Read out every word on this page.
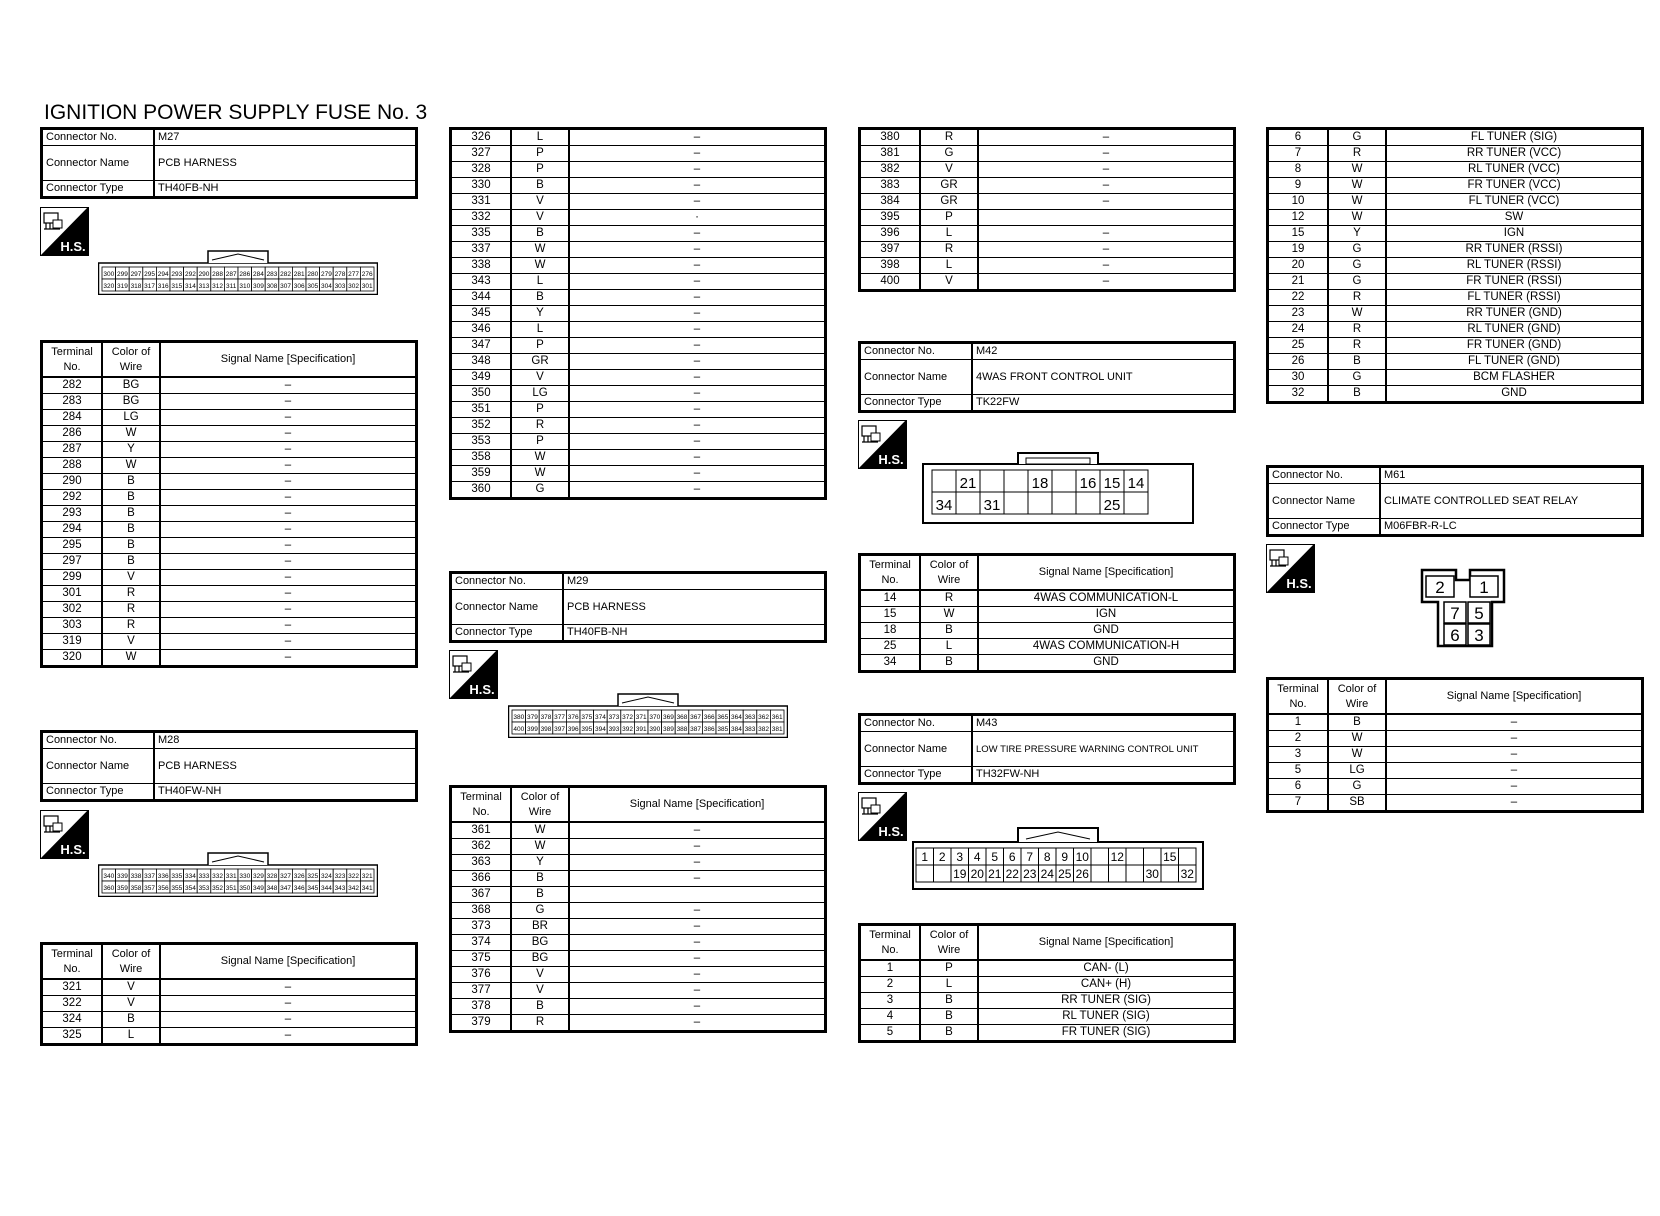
IGNITION POWER SUPPLY FUSE No. 3
Connector No.	M27
Connector Name	PCB HARNESS
Connector Type	TH40FB-NH
H.S.
300 299 297 295 294 293 292 290 288 287 286 284 283 282 281 280 279 278 277 276
320 319 318 317 316 315 314 313 312 311 310 309 308 307 306 305 304 303 302 301
Terminal No.	Color of Wire	Signal Name [Specification]
282	BG	–
283	BG	–
284	LG	–
286	W	–
287	Y	–
288	W	–
290	B	–
292	B	–
293	B	–
294	B	–
295	B	–
297	B	–
299	V	–
301	R	–
302	R	–
303	R	–
319	V	–
320	W	–
Connector No.	M28
Connector Name	PCB HARNESS
Connector Type	TH40FW-NH
H.S.
340 339 338 337 336 335 334 333 332 331 330 329 328 327 326 325 324 323 322 321
360 359 358 357 356 355 354 353 352 351 350 349 348 347 346 345 344 343 342 341
Terminal No.	Color of Wire	Signal Name [Specification]
321	V	–
322	V	–
324	B	–
325	L	–
326	L	–
327	P	–
328	P	–
330	B	–
331	V	–
332	V	·
335	B	–
337	W	–
338	W	–
343	L	–
344	B	–
345	Y	–
346	L	–
347	P	–
348	GR	–
349	V	–
350	LG	–
351	P	–
352	R	–
353	P	–
358	W	–
359	W	–
360	G	–
Connector No.	M29
Connector Name	PCB HARNESS
Connector Type	TH40FB-NH
H.S.
380 379 378 377 376 375 374 373 372 371 370 369 368 367 366 365 364 363 362 361
400 399 398 397 396 395 394 393 392 391 390 389 388 387 386 385 384 383 382 381
Terminal No.	Color of Wire	Signal Name [Specification]
361	W	–
362	W	–
363	Y	–
366	B	–
367	B	
368	G	–
373	BR	–
374	BG	–
375	BG	–
376	V	–
377	V	–
378	B	–
379	R	–
380	R	–
381	G	–
382	V	–
383	GR	–
384	GR	–
395	P	
396	L	–
397	R	–
398	L	–
400	V	–
Connector No.	M42
Connector Name	4WAS FRONT CONTROL UNIT
Connector Type	TK22FW
H.S.
21	18 16 15 14
34 31	25
Terminal No.	Color of Wire	Signal Name [Specification]
14	R	4WAS COMMUNICATION-L
15	W	IGN
18	B	GND
25	L	4WAS COMMUNICATION-H
34	B	GND
Connector No.	M43
Connector Name	LOW TIRE PRESSURE WARNING CONTROL UNIT
Connector Type	TH32FW-NH
H.S.
1 2 3 4 5 6 7 8 9 10 12	15
19 20 21 22 23 24 25 26	30 32
Terminal No.	Color of Wire	Signal Name [Specification]
1	P	CAN- (L)
2	L	CAN+ (H)
3	B	RR TUNER (SIG)
4	B	RL TUNER (SIG)
5	B	FR TUNER (SIG)
6	G	FL TUNER (SIG)
7	R	RR TUNER (VCC)
8	W	RL TUNER (VCC)
9	W	FR TUNER (VCC)
10	W	FL TUNER (VCC)
12	W	SW
15	Y	IGN
19	G	RR TUNER (RSSI)
20	G	RL TUNER (RSSI)
21	G	FR TUNER (RSSI)
22	R	FL TUNER (RSSI)
23	W	RR TUNER (GND)
24	R	RL TUNER (GND)
25	R	FR TUNER (GND)
26	B	FL TUNER (GND)
30	G	BCM FLASHER
32	B	GND
Connector No.	M61
Connector Name	CLIMATE CONTROLLED SEAT RELAY
Connector Type	M06FBR-R-LC
H.S.	2 1
7 5
6 3
Terminal No.	Color of Wire	Signal Name [Specification]
1	B	–
2	W	–
3	W	–
5	LG	–
6	G	–
7	SB	–
